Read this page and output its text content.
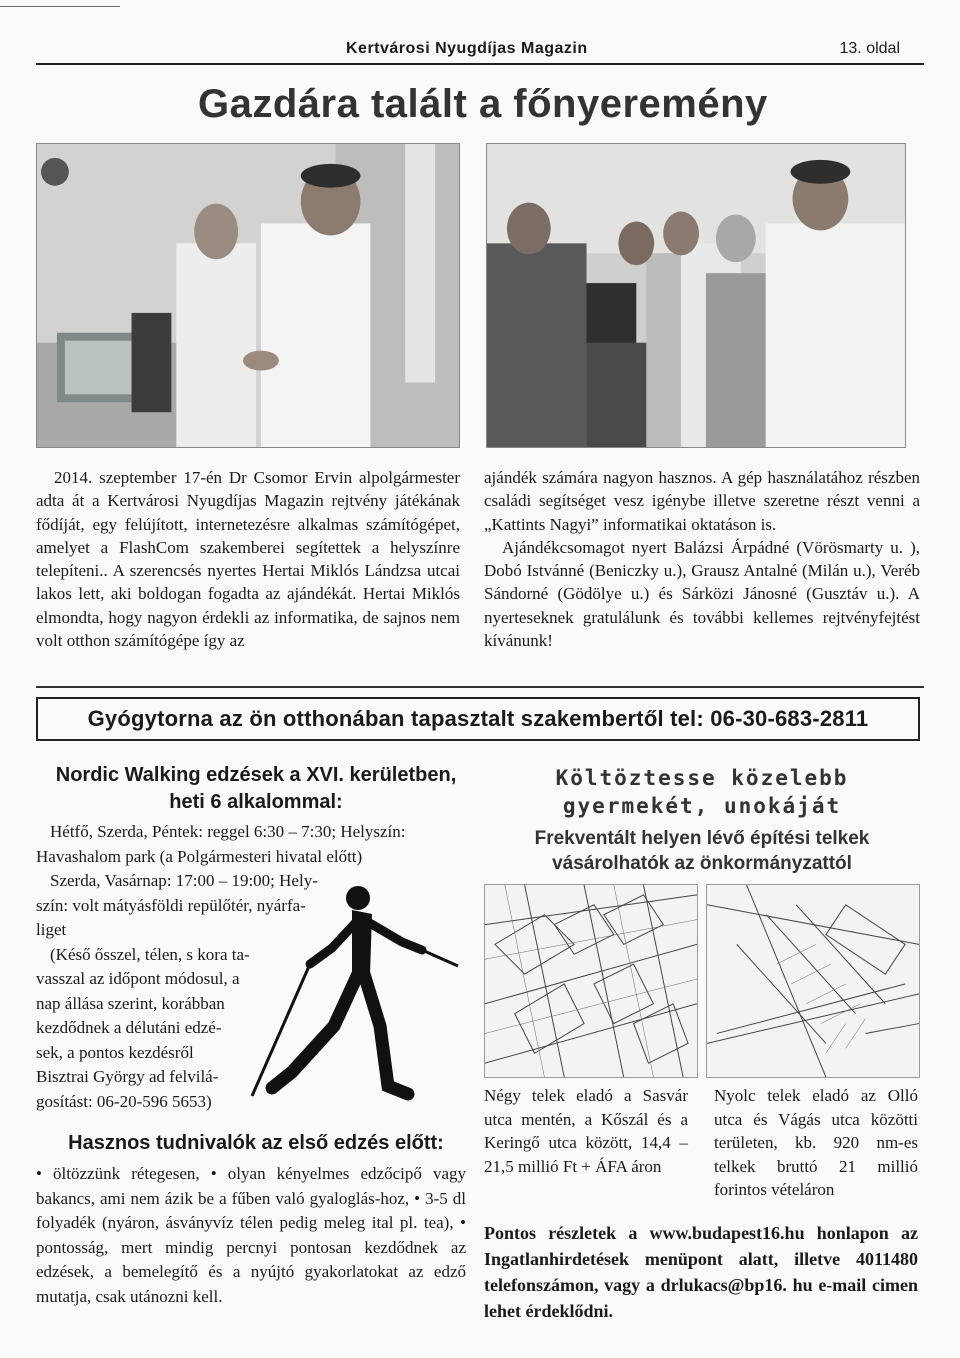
Kertvárosi Nyugdíjas Magazin	13. oldal
Gazdára talált a főnyeremény

2014. szeptember 17-én Dr Csomor Ervin alpolgármester adta át a Kertvárosi Nyugdíjas Magazin rejtvény játékának fődíját, egy felújított, internetezésre alkalmas számítógépet, amelyet a FlashCom szakemberei segítettek a helyszínre telepíteni.. A szerencsés nyertes Hertai Miklós Lándzsa utcai lakos lett, aki boldogan fogadta az ajándékát. Hertai Miklós elmondta, hogy nagyon érdekli az informatika, de sajnos nem volt otthon számítógépe így az

ajándék számára nagyon hasznos. A gép használatához részben családi segítséget vesz igénybe illetve szeretne részt venni a „Kattints Nagyi” informatikai oktatáson is.

Ajándékcsomagot nyert Balázsi Árpádné (Vörösmarty u. ), Dobó Istvánné (Beniczky u.), Grausz Antalné (Milán u.), Veréb Sándorné (Gödölye u.) és Sárközi Jánosné (Gusztáv u.). A nyerteseknek gratulálunk és további kellemes rejtvényfejtést kívánunk!

Gyógytorna az ön otthonában tapasztalt szakembertől tel: 06-30-683-2811
Nordic Walking edzések a XVI. kerületben,
heti 6 alkalommal:
Hétfő, Szerda, Péntek: reggel 6:30 – 7:30; Helyszín:
Havashalom park (a Polgármesteri hivatal előtt)
Szerda, Vasárnap: 17:00 – 19:00; Hely-
szín: volt mátyásföldi repülőtér, nyárfa-
liget
(Késő ősszel, télen, s kora ta-
vasszal az időpont módosul, a
nap állása szerint, korábban
kezdődnek a délutáni edzé-
sek, a pontos kezdésről
Bisztrai György ad felvilá-
gosítást: 06-20-596 5653)
Hasznos tudnivalók az első edzés előtt:
• öltözzünk rétegesen, • olyan kényelmes edzőcipő vagy bakancs, ami nem ázik be a fűben való gyaloglás-hoz, • 3-5 dl folyadék (nyáron, ásványvíz télen pedig meleg ital pl. tea), • pontosság, mert mindig percnyi pontosan kezdődnek az edzések, a bemelegítő és a nyújtó gyakorlatokat az edző mutatja, csak utánozni kell.
Költöztesse közelebb
gyermekét, unokáját
Frekventált helyen lévő építési telkek
vásárolhatók az önkormányzattól
Négy telek eladó a Sasvár utca mentén, a Kőszál és a Keringő utca között, 14,4 – 21,5 millió Ft + ÁFA áron
Nyolc telek eladó az Olló utca és Vágás utca közötti területen, kb. 920 nm-es telkek bruttó 21 millió forintos vételáron
Pontos részletek a www.budapest16.hu honlapon az Ingatlanhirdetések menüpont alatt, illetve 4011480 telefonszámon, vagy a drlukacs@bp16. hu e-mail cimen lehet érdeklődni.
